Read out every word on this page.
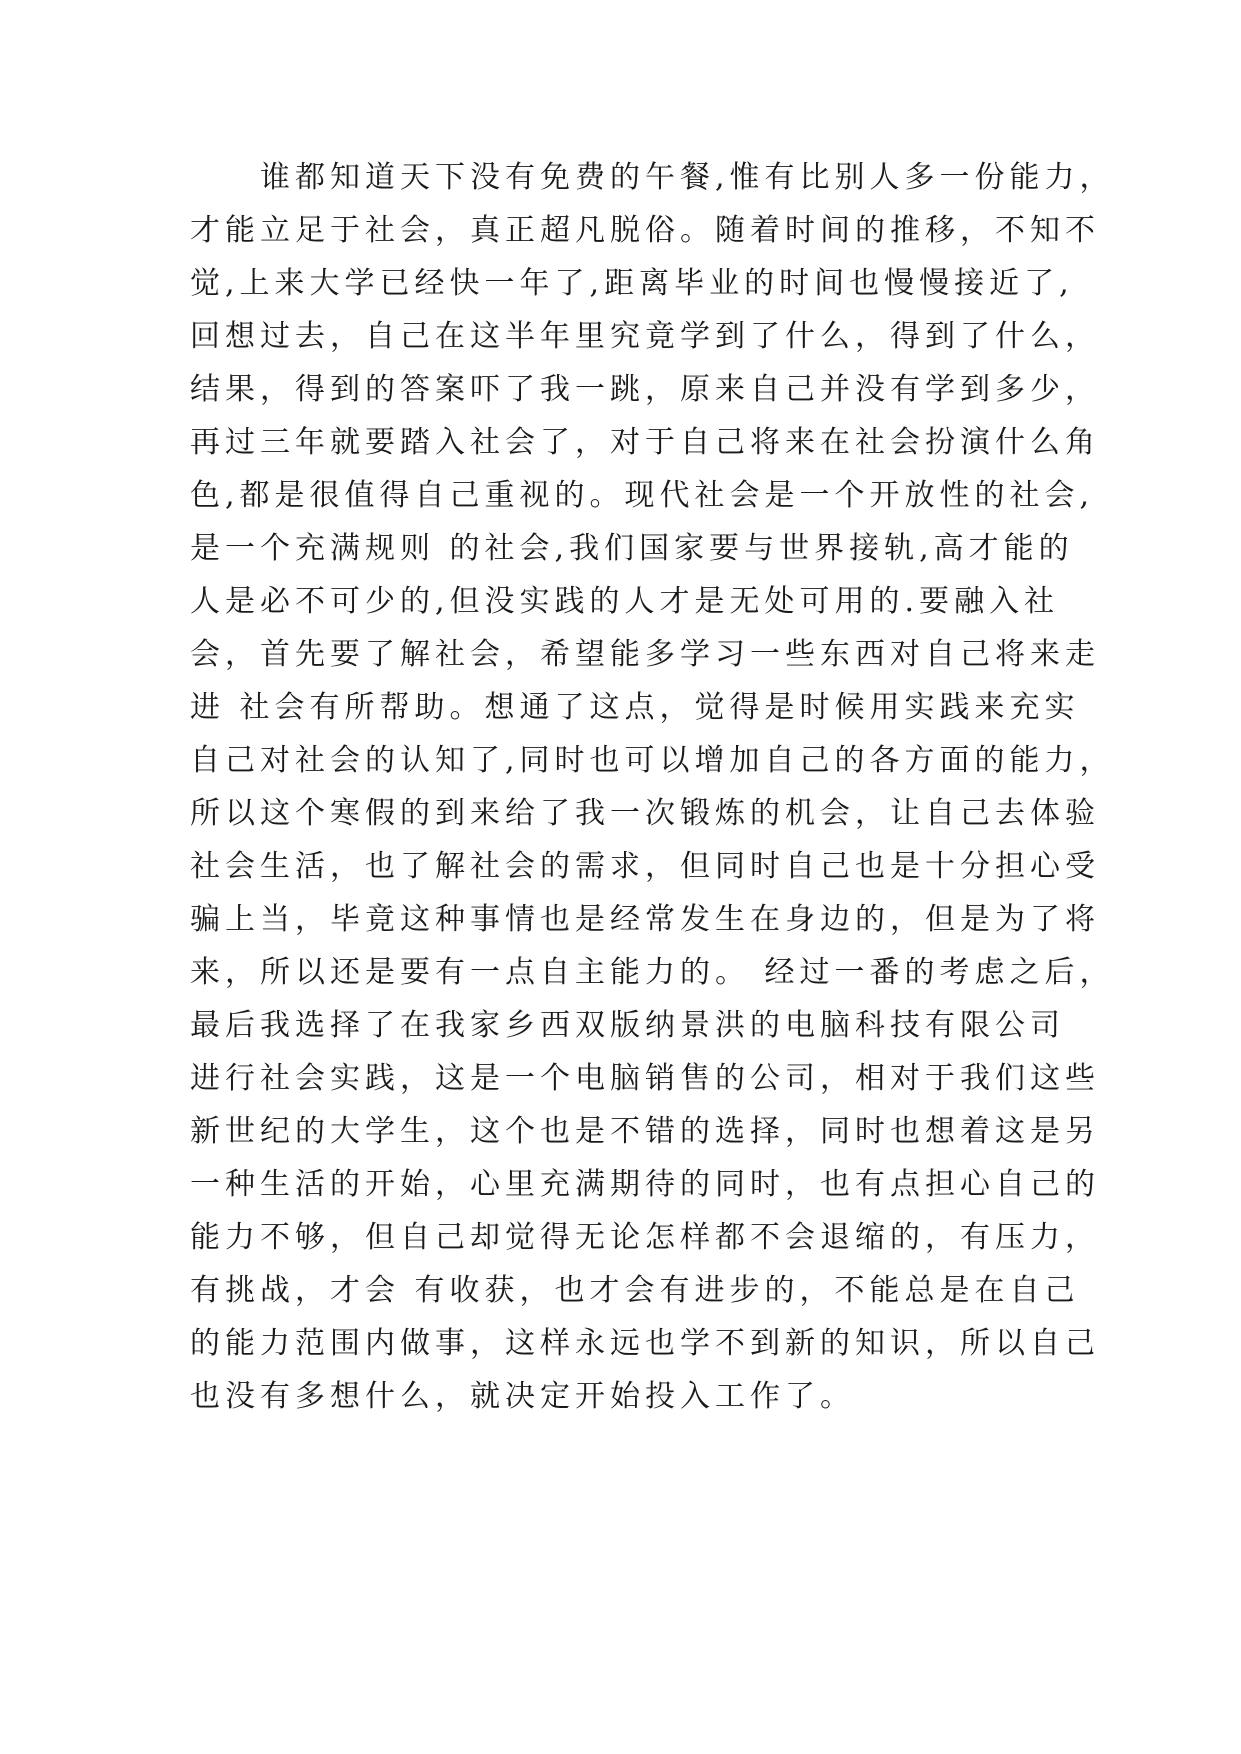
　　谁都知道天下没有免费的午餐,惟有比别人多一份能力，
才能立足于社会，真正超凡脱俗。随着时间的推移，不知不
觉,上来大学已经快一年了,距离毕业的时间也慢慢接近了,
回想过去，自己在这半年里究竟学到了什么，得到了什么，
结果，得到的答案吓了我一跳，原来自己并没有学到多少，
再过三年就要踏入社会了，对于自己将来在社会扮演什么角
色,都是很值得自己重视的。现代社会是一个开放性的社会,
是一个充满规则 的社会,我们国家要与世界接轨,高才能的
人是必不可少的,但没实践的人才是无处可用的.要融入社
会，首先要了解社会，希望能多学习一些东西对自己将来走
进 社会有所帮助。想通了这点，觉得是时候用实践来充实
自己对社会的认知了,同时也可以增加自己的各方面的能力，
所以这个寒假的到来给了我一次锻炼的机会，让自己去体验
社会生活，也了解社会的需求，但同时自己也是十分担心受
骗上当，毕竟这种事情也是经常发生在身边的，但是为了将
来，所以还是要有一点自主能力的。 经过一番的考虑之后，
最后我选择了在我家乡西双版纳景洪的电脑科技有限公司
进行社会实践，这是一个电脑销售的公司，相对于我们这些
新世纪的大学生，这个也是不错的选择，同时也想着这是另
一种生活的开始，心里充满期待的同时，也有点担心自己的
能力不够，但自己却觉得无论怎样都不会退缩的，有压力，
有挑战，才会 有收获，也才会有进步的，不能总是在自己
的能力范围内做事，这样永远也学不到新的知识，所以自己
也没有多想什么，就决定开始投入工作了。
